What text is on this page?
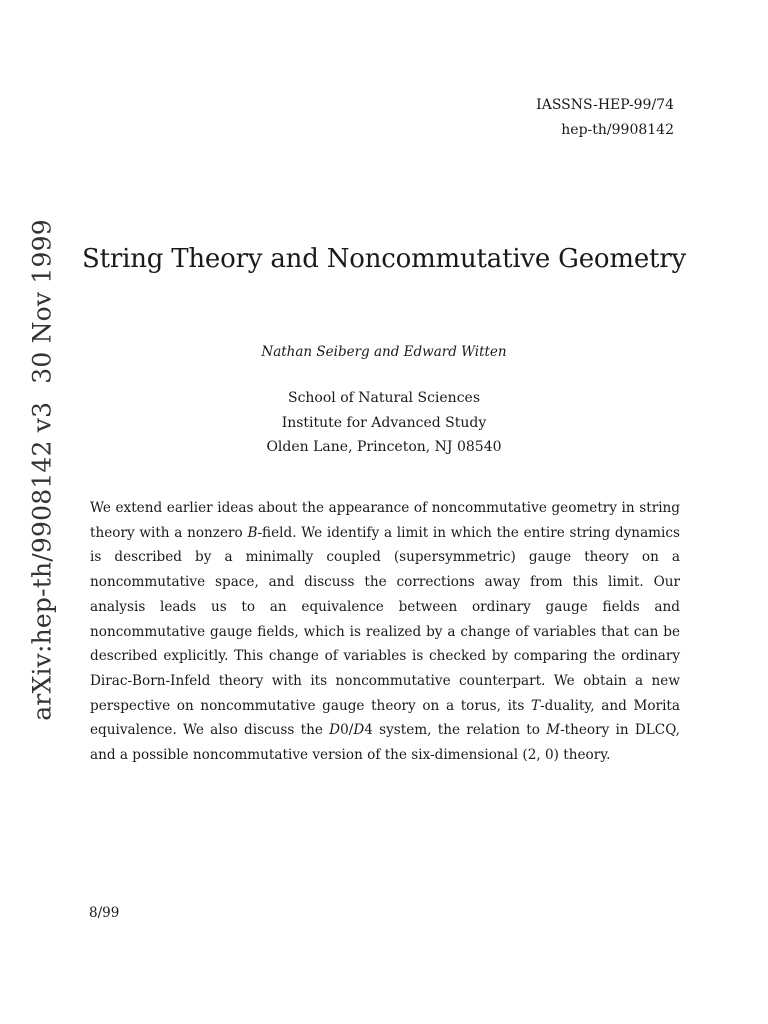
IASSNS-HEP-99/74
hep-th/9908142
arXiv:hep-th/9908142 v330 Nov 1999 String Theory and Noncommutative Geometry
Nathan Seiberg and Edward Witten
School of Natural Sciences
Institute for Advanced Study
Olden Lane, Princeton, NJ 08540
We extend earlier ideas about the appearance of noncommutative geometry in string theory with a nonzero B-field. We identify a limit in which the entire string dynamics is described by a minimally coupled (supersymmetric) gauge theory on a noncommutative space, and discuss the corrections away from this limit. Our analysis leads us to an equivalence between ordinary gauge fields and noncommutative gauge fields, which is realized by a change of variables that can be described explicitly. This change of variables is checked by comparing the ordinary Dirac-Born-Infeld theory with its noncommutative counterpart. We obtain a new perspective on noncommutative gauge theory on a torus, its T-duality, and Morita equivalence. We also discuss the D0/D4 system, the relation to M-theory in DLCQ, and a possible noncommutative version of the six-dimensional (2, 0) theory.
8/99
